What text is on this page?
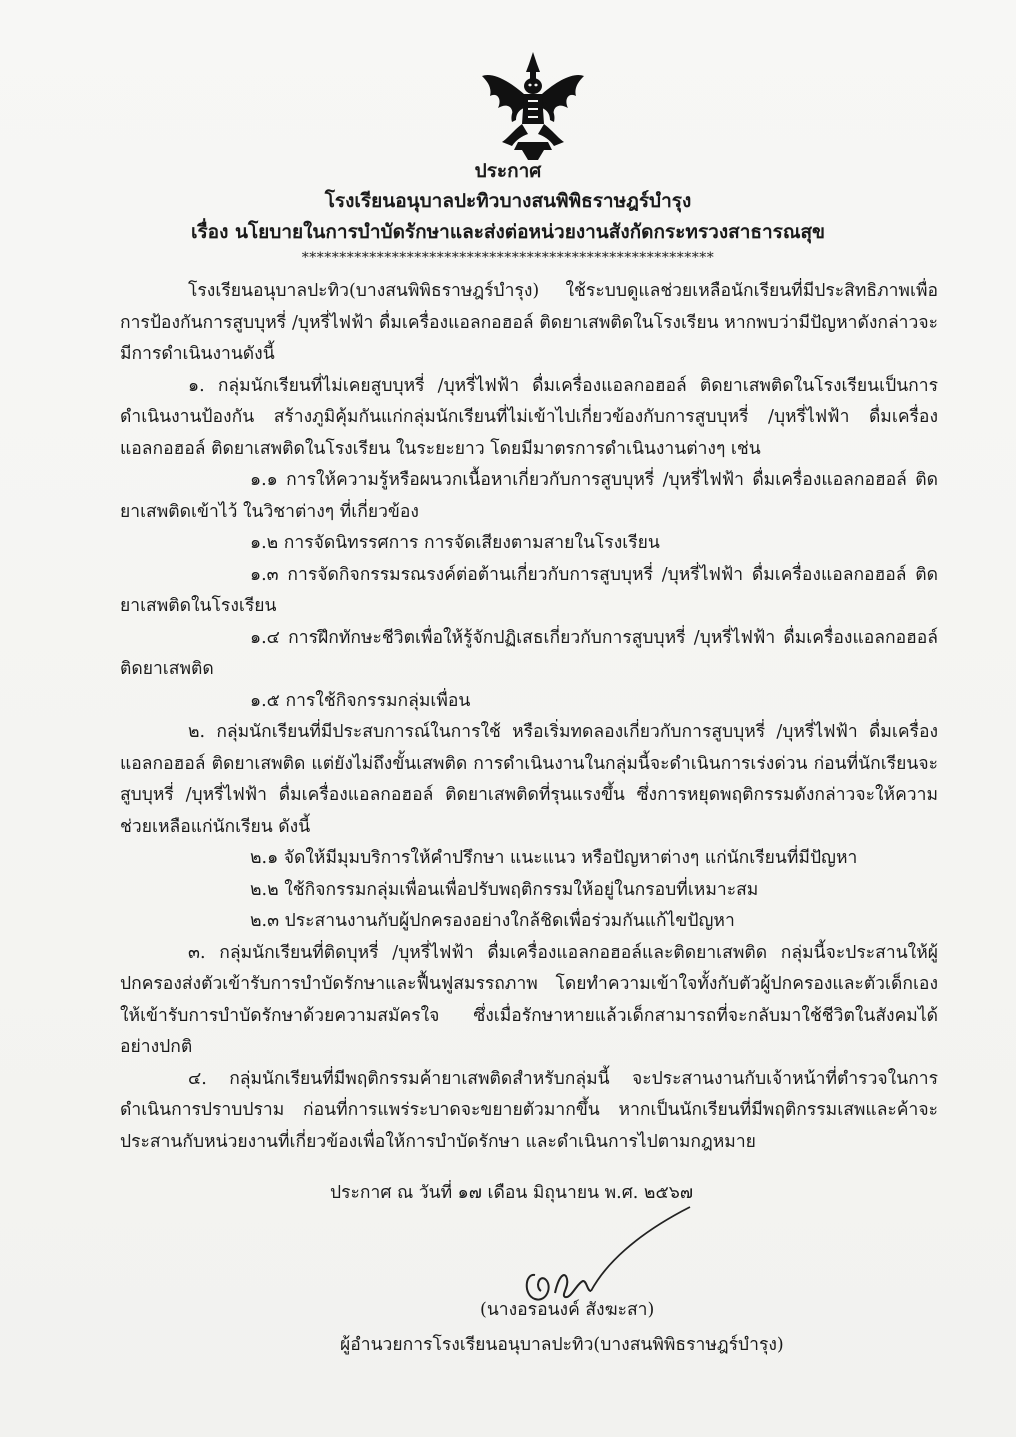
ประกาศ
โรงเรียนอนุบาลปะทิวบางสนพิพิธราษฎร์บำรุง
เรื่อง นโยบายในการบำบัดรักษาและส่งต่อหน่วยงานสังกัดกระทรวงสาธารณสุข
*******************************************************

โรงเรียนอนุบาลปะทิว(บางสนพิพิธราษฎร์บำรุง) ใช้ระบบดูแลช่วยเหลือนักเรียนที่มีประสิทธิภาพเพื่อการป้องกันการสูบบุหรี่ /บุหรี่ไฟฟ้า ดื่มเครื่องแอลกอฮอล์ ติดยาเสพติดในโรงเรียน หากพบว่ามีปัญหาดังกล่าวจะมีการดำเนินงานดังนี้

๑. กลุ่มนักเรียนที่ไม่เคยสูบบุหรี่ /บุหรี่ไฟฟ้า ดื่มเครื่องแอลกอฮอล์ ติดยาเสพติดในโรงเรียนเป็นการดำเนินงานป้องกัน สร้างภูมิคุ้มกันแก่กลุ่มนักเรียนที่ไม่เข้าไปเกี่ยวข้องกับการสูบบุหรี่ /บุหรี่ไฟฟ้า ดื่มเครื่องแอลกอฮอล์ ติดยาเสพติดในโรงเรียน ในระยะยาว โดยมีมาตรการดำเนินงานต่างๆ เช่น

๑.๑ การให้ความรู้หรือผนวกเนื้อหาเกี่ยวกับการสูบบุหรี่ /บุหรี่ไฟฟ้า ดื่มเครื่องแอลกอฮอล์ ติดยาเสพติดเข้าไว้ ในวิชาต่างๆ ที่เกี่ยวข้อง

๑.๒ การจัดนิทรรศการ การจัดเสียงตามสายในโรงเรียน

๑.๓ การจัดกิจกรรมรณรงค์ต่อต้านเกี่ยวกับการสูบบุหรี่ /บุหรี่ไฟฟ้า ดื่มเครื่องแอลกอฮอล์ ติดยาเสพติดในโรงเรียน

๑.๔ การฝึกทักษะชีวิตเพื่อให้รู้จักปฏิเสธเกี่ยวกับการสูบบุหรี่ /บุหรี่ไฟฟ้า ดื่มเครื่องแอลกอฮอล์ ติดยาเสพติด

๑.๕ การใช้กิจกรรมกลุ่มเพื่อน

๒. กลุ่มนักเรียนที่มีประสบการณ์ในการใช้ หรือเริ่มทดลองเกี่ยวกับการสูบบุหรี่ /บุหรี่ไฟฟ้า ดื่มเครื่องแอลกอฮอล์ ติดยาเสพติด แต่ยังไม่ถึงขั้นเสพติด การดำเนินงานในกลุ่มนี้จะดำเนินการเร่งด่วน ก่อนที่นักเรียนจะสูบบุหรี่ /บุหรี่ไฟฟ้า ดื่มเครื่องแอลกอฮอล์ ติดยาเสพติดที่รุนแรงขึ้น ซึ่งการหยุดพฤติกรรมดังกล่าวจะให้ความช่วยเหลือแก่นักเรียน ดังนี้

๒.๑ จัดให้มีมุมบริการให้คำปรึกษา แนะแนว หรือปัญหาต่างๆ แก่นักเรียนที่มีปัญหา

๒.๒ ใช้กิจกรรมกลุ่มเพื่อนเพื่อปรับพฤติกรรมให้อยู่ในกรอบที่เหมาะสม

๒.๓ ประสานงานกับผู้ปกครองอย่างใกล้ชิดเพื่อร่วมกันแก้ไขปัญหา

๓. กลุ่มนักเรียนที่ติดบุหรี่ /บุหรี่ไฟฟ้า ดื่มเครื่องแอลกอฮอล์และติดยาเสพติด กลุ่มนี้จะประสานให้ผู้ปกครองส่งตัวเข้ารับการบำบัดรักษาและฟื้นฟูสมรรถภาพ โดยทำความเข้าใจทั้งกับตัวผู้ปกครองและตัวเด็กเองให้เข้ารับการบำบัดรักษาด้วยความสมัครใจ ซึ่งเมื่อรักษาหายแล้วเด็กสามารถที่จะกลับมาใช้ชีวิตในสังคมได้อย่างปกติ

๔. กลุ่มนักเรียนที่มีพฤติกรรมค้ายาเสพติดสำหรับกลุ่มนี้ จะประสานงานกับเจ้าหน้าที่ตำรวจในการดำเนินการปราบปราม ก่อนที่การแพร่ระบาดจะขยายตัวมากขึ้น หากเป็นนักเรียนที่มีพฤติกรรมเสพและค้าจะประสานกับหน่วยงานที่เกี่ยวข้องเพื่อให้การบำบัดรักษา และดำเนินการไปตามกฎหมาย

ประกาศ ณ วันที่ ๑๗ เดือน มิถุนายน พ.ศ. ๒๕๖๗
(นางอรอนงค์ สังฆะสา)
ผู้อำนวยการโรงเรียนอนุบาลปะทิว(บางสนพิพิธราษฎร์บำรุง)
